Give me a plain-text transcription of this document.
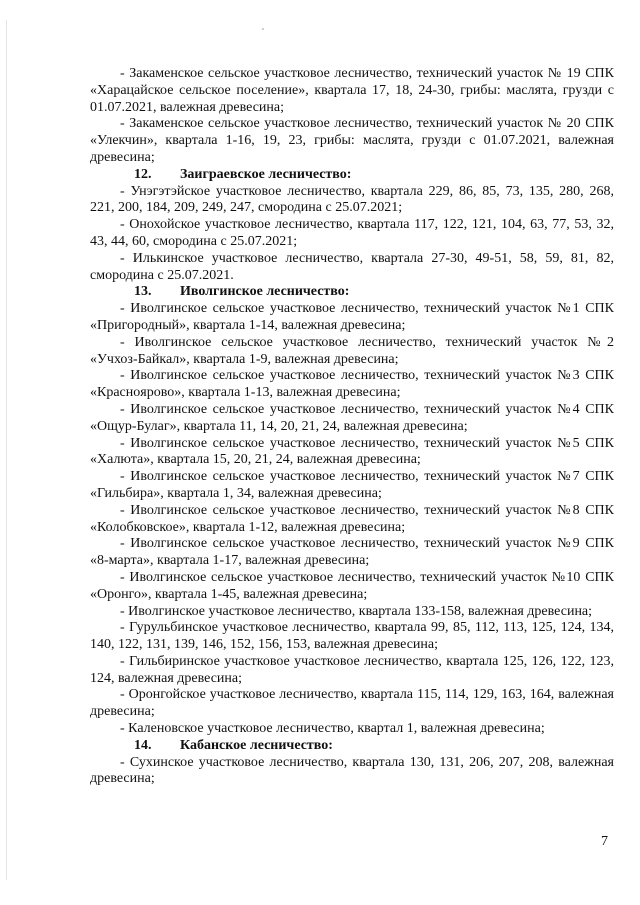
- Закаменское сельское участковое лесничество, технический участок № 19 СПК «Харацайское сельское поселение», квартала 17, 18, 24-30, грибы: маслята, грузди с 01.07.2021, валежная древесина;

- Закаменское сельское участковое лесничество, технический участок № 20 СПК «Улекчин», квартала 1-16, 19, 23, грибы: маслята, грузди с 01.07.2021, валежная древесина;

12. Заиграевское лесничество:

- Унэгэтэйское участковое лесничество, квартала 229, 86, 85, 73, 135, 280, 268, 221, 200, 184, 209, 249, 247, смородина с 25.07.2021;

- Онохойское участковое лесничество, квартала 117, 122, 121, 104, 63, 77, 53, 32, 43, 44, 60, смородина с 25.07.2021;

- Илькинское участковое лесничество, квартала 27-30, 49-51, 58, 59, 81, 82, смородина с 25.07.2021.

13. Иволгинское лесничество:

- Иволгинское сельское участковое лесничество, технический участок №1 СПК «Пригородный», квартала 1-14, валежная древесина;

- Иволгинское сельское участковое лесничество, технический участок №2 «Учхоз-Байкал», квартала 1-9, валежная древесина;

- Иволгинское сельское участковое лесничество, технический участок №3 СПК «Краснoярово», квартала 1-13, валежная древесина;

- Иволгинское сельское участковое лесничество, технический участок №4 СПК «Ощур-Булаг», квартала 11, 14, 20, 21, 24, валежная древесина;

- Иволгинское сельское участковое лесничество, технический участок №5 СПК «Халюта», квартала 15, 20, 21, 24, валежная древесина;

- Иволгинское сельское участковое лесничество, технический участок №7 СПК «Гильбира», квартала 1, 34, валежная древесина;

- Иволгинское сельское участковое лесничество, технический участок №8 СПК «Колобковское», квартала 1-12, валежная древесина;

- Иволгинское сельское участковое лесничество, технический участок №9 СПК «8-марта», квартала 1-17, валежная древесина;

- Иволгинское сельское участковое лесничество, технический участок №10 СПК «Оронго», квартала 1-45, валежная древесина;

- Иволгинское участковое лесничество, квартала 133-158, валежная древесина;

- Гурульбинское участковое лесничество, квартала 99, 85, 112, 113, 125, 124, 134, 140, 122, 131, 139, 146, 152, 156, 153, валежная древесина;

- Гильбиринское участковое участковое лесничество, квартала 125, 126, 122, 123, 124, валежная древесина;

- Оронгойское участковое лесничество, квартала 115, 114, 129, 163, 164, валежная древесина;

- Каленовское участковое лесничество, квартал 1, валежная древесина;

14. Кабанское лесничество:

- Сухинское участковое лесничество, квартала 130, 131, 206, 207, 208, валежная древесина;

7
